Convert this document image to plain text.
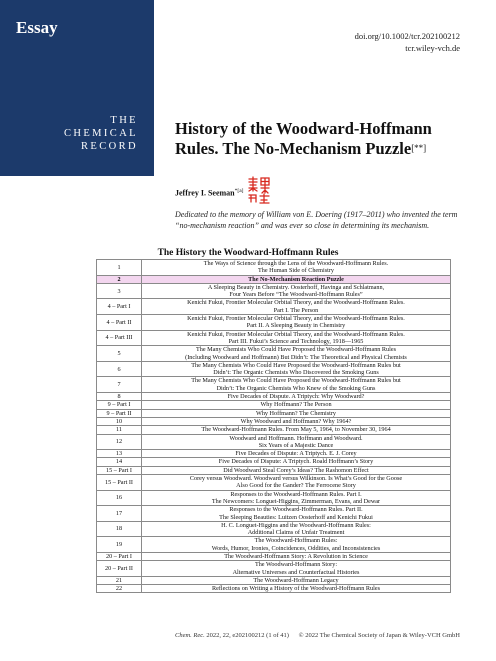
Essay
THE
CHEMICAL
RECORD
doi.org/10.1002/tcr.202100212
tcr.wiley-vch.de
History of the Woodward-Hoffmann Rules. The No-Mechanism Puzzle[**]
Jeffrey I. Seeman$^{*[a]}$
Dedicated to the memory of William von E. Doering (1917–2011) who invented the term “no-mechanism reaction” and was ever so close in determining its mechanism.
The History the Woodward-Hoffmann Rules
1	The Ways of Science through the Lens of the Woodward-Hoffmann Rules.
The Human Side of Chemistry

2	The No-Mechanism Reaction Puzzle

3	A Sleeping Beauty in Chemistry. Oosterhoff, Havinga and Schlatmann,
Four Years Before “The Woodward-Hoffmann Rules”

4 – Part I	Kenichi Fukui, Frontier Molecular Orbital Theory, and the Woodward-Hoffmann Rules.
Part I. The Person

4 – Part II	Kenichi Fukui, Frontier Molecular Orbital Theory, and the Woodward-Hoffmann Rules.
Part II. A Sleeping Beauty in Chemistry

4 – Part III	Kenichi Fukui, Frontier Molecular Orbital Theory, and the Woodward-Hoffmann Rules.
Part III. Fukui’s Science and Technology, 1918—1965

5	The Many Chemists Who Could Have Proposed the Woodward-Hoffmann Rules
(Including Woodward and Hoffmann) But Didn’t: The Theoretical and Physical Chemists

6	The Many Chemists Who Could Have Proposed the Woodward-Hoffmann Rules but
Didn’t: The Organic Chemists Who Discovered the Smoking Guns

7	The Many Chemists Who Could Have Proposed the Woodward-Hoffmann Rules but
Didn’t: The Organic Chemists Who Knew of the Smoking Guns

8	Five Decades of Dispute. A Triptych: Why Woodward?

9 – Part I	Why Hoffmann? The Person

9 – Part II	Why Hoffmann? The Chemistry

10	Why Woodward and Hoffmann? Why 1964?

11	The Woodward-Hoffmann Rules. From May 5, 1964, to November 30, 1964

12	Woodward and Hoffmann. Hoffmann and Woodward.
Six Years of a Majestic Dance

13	Five Decades of Dispute: A Triptych. E. J. Corey

14	Five Decades of Dispute: A Triptych. Roald Hoffmann’s Story

15 – Part I	Did Woodward Steal Corey’s Ideas? The Rashomon Effect

15 – Part II	Corey versus Woodward. Woodward versus Wilkinson. Is What’s Good for the Goose
Also Good for the Gander? The Ferrocene Story

16	Responses to the Woodward-Hoffmann Rules. Part I.
The Newcomers: Longuet-Higgins, Zimmerman, Evans, and Dewar

17	Responses to the Woodward-Hoffmann Rules. Part II.
The Sleeping Beauties: Luitzen Oosterhoff and Kenichi Fukui

18	H. C. Longuet-Higgins and the Woodward-Hoffmann Rules:
Additional Claims of Unfair Treatment

19	The Woodward-Hoffmann Rules:
Words, Humor, Ironies, Coincidences, Oddities, and Inconsistencies

20 – Part I	The Woodward-Hoffmann Story: A Revolution in Science

20 – Part II	The Woodward-Hoffmann Story:
Alternative Universes and Counterfactual Histories

21	The Woodward-Hoffmann Legacy

22	Reflections on Writing a History of the Woodward-Hoffmann Rules
Chem. Rec. 2022, 22, e202100212 (1 of 41) © 2022 The Chemical Society of Japan & Wiley-VCH GmbH
